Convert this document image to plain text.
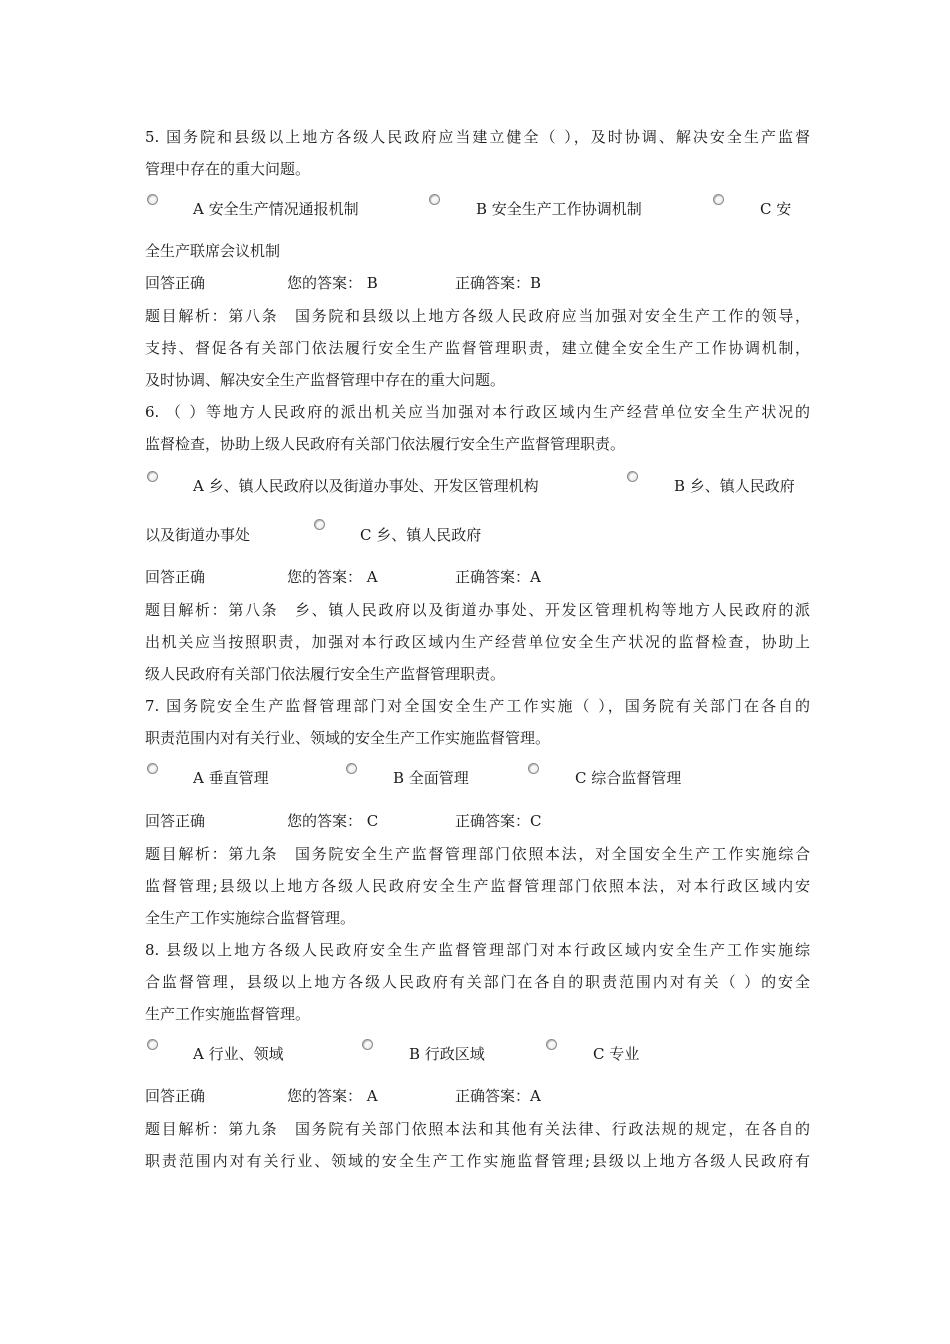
5. 国务院和县级以上地方各级人民政府应当建立健全（ ），及时协调、解决安全生产监督
管理中存在的重大问题。
A 安全生产情况通报机制	B 安全生产工作协调机制	C 安
全生产联席会议机制
回答正确	您的答案： B	正确答案：B
题目解析：第八条　国务院和县级以上地方各级人民政府应当加强对安全生产工作的领导，
支持、督促各有关部门依法履行安全生产监督管理职责，建立健全安全生产工作协调机制，
及时协调、解决安全生产监督管理中存在的重大问题。
6. （ ）等地方人民政府的派出机关应当加强对本行政区域内生产经营单位安全生产状况的
监督检查，协助上级人民政府有关部门依法履行安全生产监督管理职责。
A 乡、镇人民政府以及街道办事处、开发区管理机构	B 乡、镇人民政府
以及街道办事处	C 乡、镇人民政府
回答正确	您的答案： A	正确答案：A
题目解析：第八条　乡、镇人民政府以及街道办事处、开发区管理机构等地方人民政府的派
出机关应当按照职责，加强对本行政区域内生产经营单位安全生产状况的监督检查，协助上
级人民政府有关部门依法履行安全生产监督管理职责。
7. 国务院安全生产监督管理部门对全国安全生产工作实施（ ），国务院有关部门在各自的
职责范围内对有关行业、领域的安全生产工作实施监督管理。
A 垂直管理	B 全面管理	C 综合监督管理
回答正确	您的答案： C	正确答案：C
题目解析：第九条　国务院安全生产监督管理部门依照本法，对全国安全生产工作实施综合
监督管理;县级以上地方各级人民政府安全生产监督管理部门依照本法，对本行政区域内安
全生产工作实施综合监督管理。
8. 县级以上地方各级人民政府安全生产监督管理部门对本行政区域内安全生产工作实施综
合监督管理，县级以上地方各级人民政府有关部门在各自的职责范围内对有关（ ）的安全
生产工作实施监督管理。
A 行业、领域	B 行政区域	C 专业
回答正确	您的答案： A	正确答案：A
题目解析：第九条　国务院有关部门依照本法和其他有关法律、行政法规的规定，在各自的
职责范围内对有关行业、领域的安全生产工作实施监督管理;县级以上地方各级人民政府有
